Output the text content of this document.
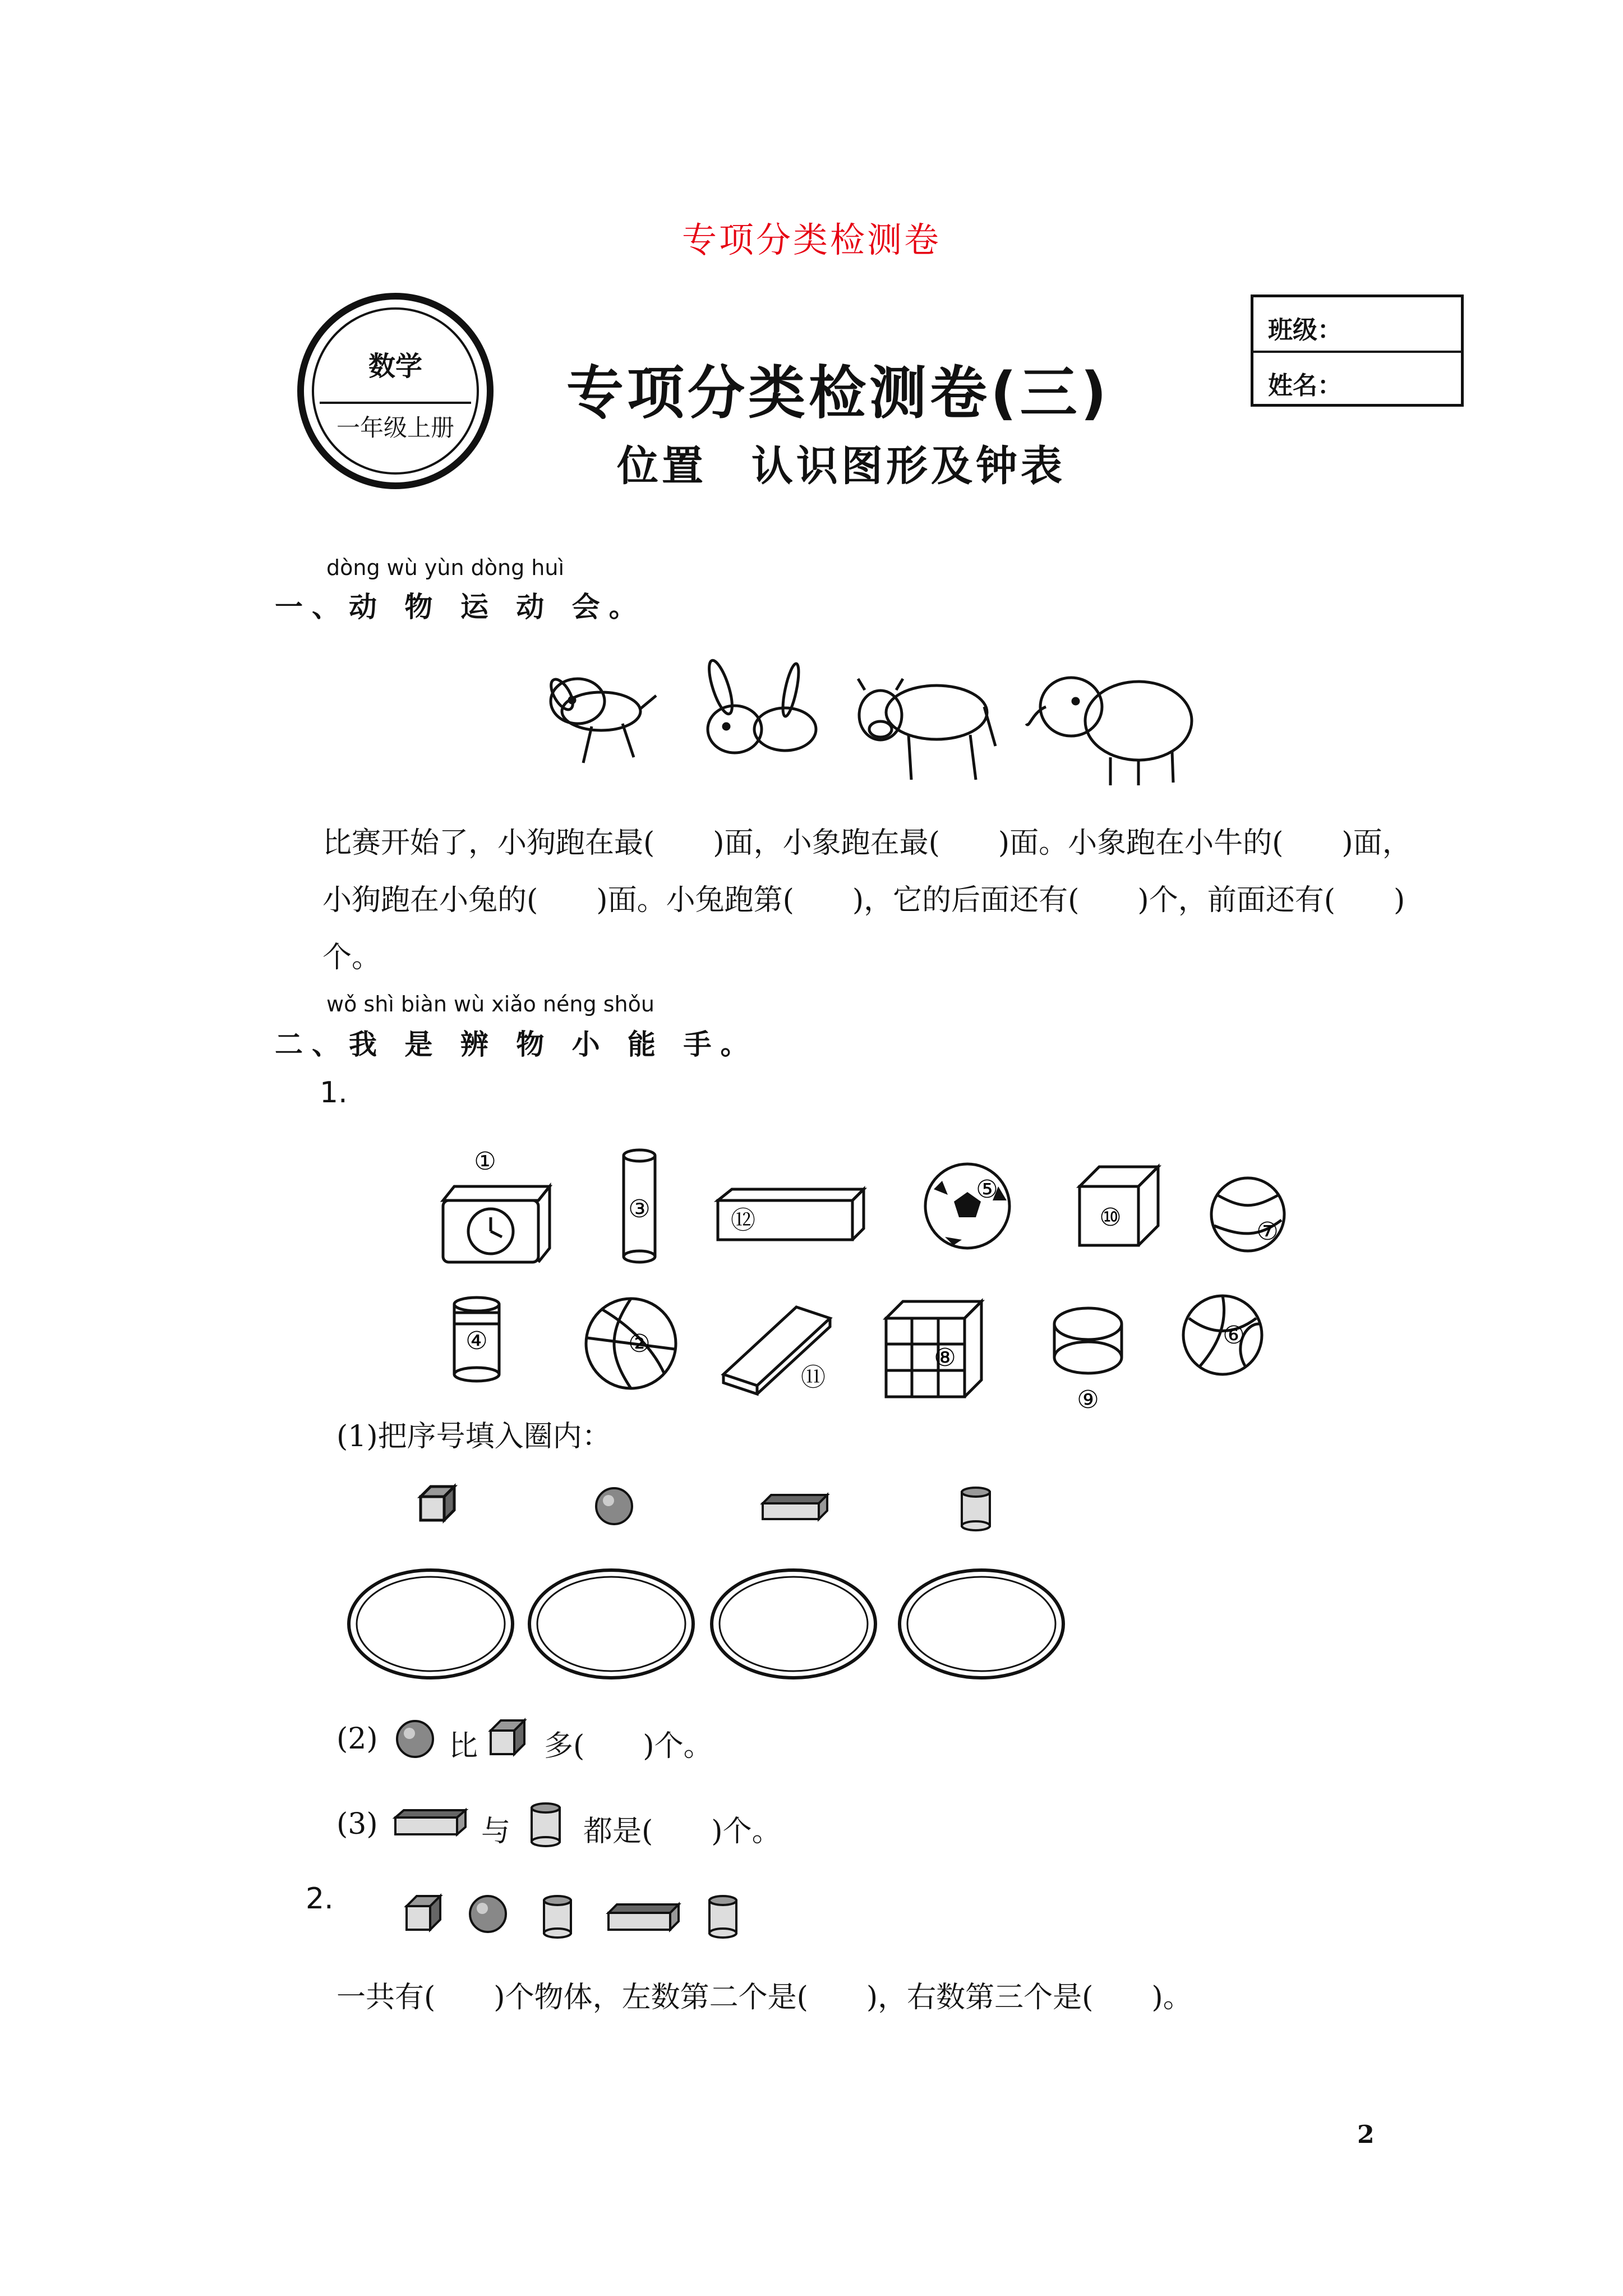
专项分类检测卷
数学
一年级上册
专项分类检测卷(三)
位置 认识图形及钟表
班级：
姓名：
dòng wù yùn dòng huì
一、动 物 运 动 会。
比赛开始了，小狗跑在最(　　)面，小象跑在最(　　)面。小象跑在小牛的(　　)面，
小狗跑在小兔的(　　)面。小兔跑第(　　)，它的后面还有(　　)个，前面还有(　　)
个。
wǒ shì biàn wù xiǎo néng shǒu
二、我 是 辨 物 小 能 手。
1.
①
③	⑫
⑤
⑩	⑦
④	②
⑪
⑧
⑨
⑥
(1)把序号填入圈内：
(2) 比 多(　　)个。
(3)	与 都是(　　)个。
2.
一共有(　　)个物体，左数第二个是(　　)，右数第三个是(　　)。
2
